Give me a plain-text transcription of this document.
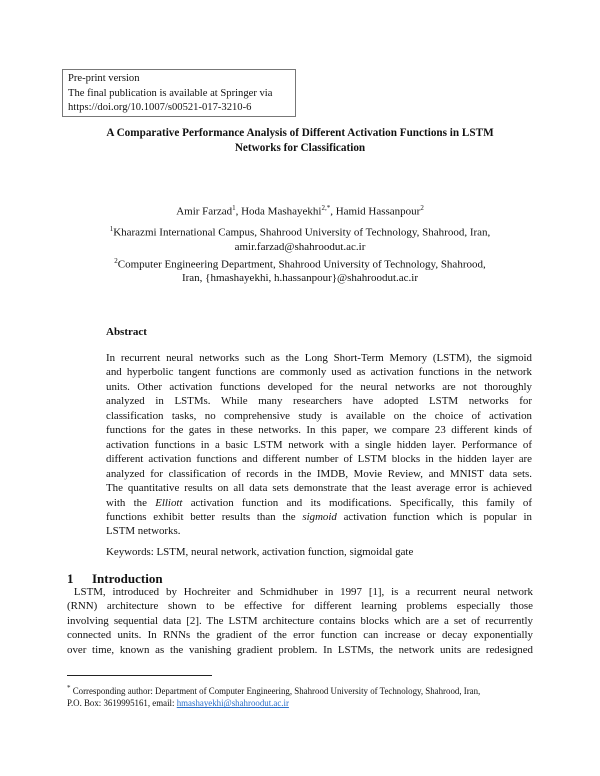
Pre-print version
The final publication is available at Springer via
https://doi.org/10.1007/s00521-017-3210-6
A Comparative Performance Analysis of Different Activation Functions in LSTM
Networks for Classification
Amir Farzad$^1$, Hoda Mashayekhi$^{2,*}$, Hamid Hassanpour$^2$
$^1$Kharazmi International Campus, Shahrood University of Technology, Shahrood, Iran,
amir.farzad@shahroodut.ac.ir
$^2$Computer Engineering Department, Shahrood University of Technology, Shahrood,
Iran, {hmashayekhi, h.hassanpour}@shahroodut.ac.ir
Abstract
In recurrent neural networks such as the Long Short-Term Memory (LSTM), the sigmoid
and hyperbolic tangent functions are commonly used as activation functions in the network
units. Other activation functions developed for the neural networks are not thoroughly
analyzed in LSTMs. While many researchers have adopted LSTM networks for
classification tasks, no comprehensive study is available on the choice of activation
functions for the gates in these networks. In this paper, we compare 23 different kinds of
activation functions in a basic LSTM network with a single hidden layer. Performance of
different activation functions and different number of LSTM blocks in the hidden layer are
analyzed for classification of records in the IMDB, Movie Review, and MNIST data sets.
The quantitative results on all data sets demonstrate that the least average error is achieved
with the Elliott activation function and its modifications. Specifically, this family of
functions exhibit better results than the sigmoid activation function which is popular in
LSTM networks.
Keywords: LSTM, neural network, activation function, sigmoidal gate
1 Introduction
LSTM, introduced by Hochreiter and Schmidhuber in 1997 [1], is a recurrent neural network
(RNN) architecture shown to be effective for different learning problems especially those
involving sequential data [2]. The LSTM architecture contains blocks which are a set of recurrently
connected units. In RNNs the gradient of the error function can increase or decay exponentially
over time, known as the vanishing gradient problem. In LSTMs, the network units are redesigned
* Corresponding author: Department of Computer Engineering, Shahrood University of Technology, Shahrood, Iran,
P.O. Box: 3619995161, email: hmashayekhi@shahroodut.ac.ir
